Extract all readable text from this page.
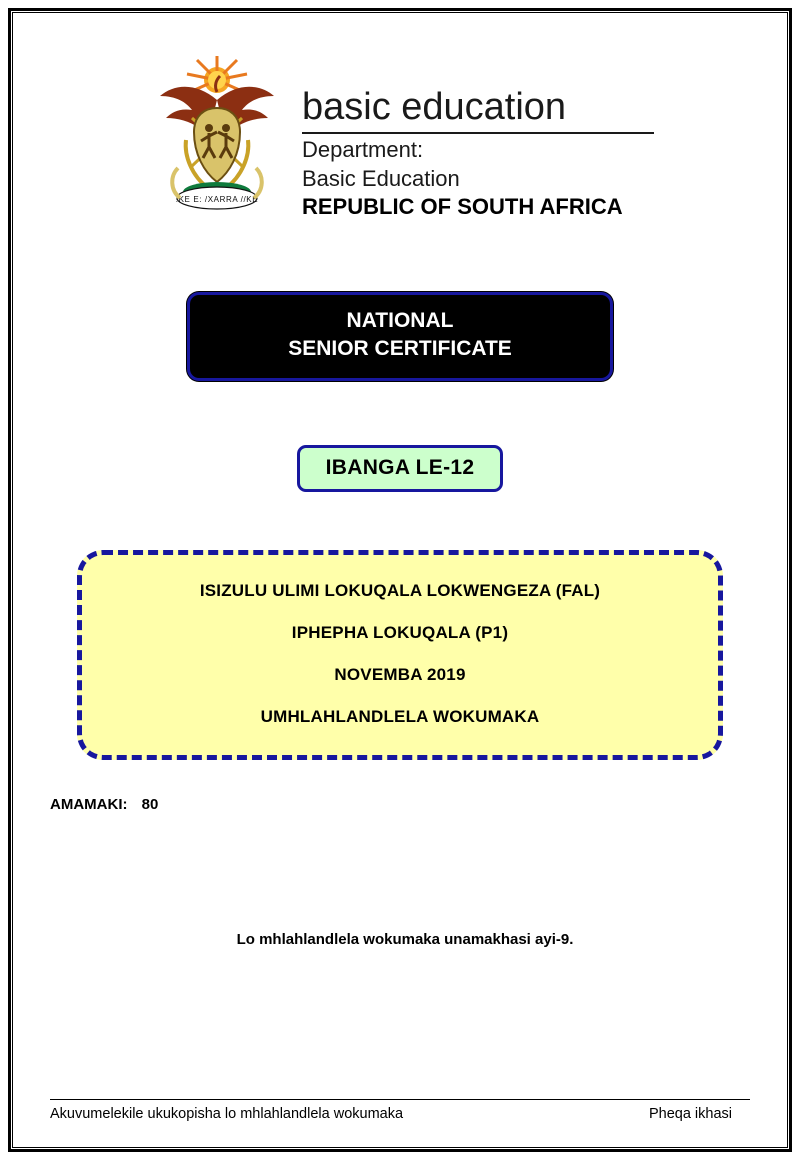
!KE E: /XARRA //KE
basic education
Department:
Basic Education
REPUBLIC OF SOUTH AFRICA
NATIONAL
SENIOR CERTIFICATE
IBANGA LE-12

ISIZULU ULIMI LOKUQALA LOKWENGEZA (FAL)

IPHEPHA LOKUQALA (P1)

NOVEMBA 2019

UMHLAHLANDLELA WOKUMAKA

AMAMAKI: 80
Lo mhlahlandlela wokumaka unamakhasi ayi-9.
Akuvumelekile ukukopisha lo mhlahlandlela wokumaka	Pheqa ikhasi
